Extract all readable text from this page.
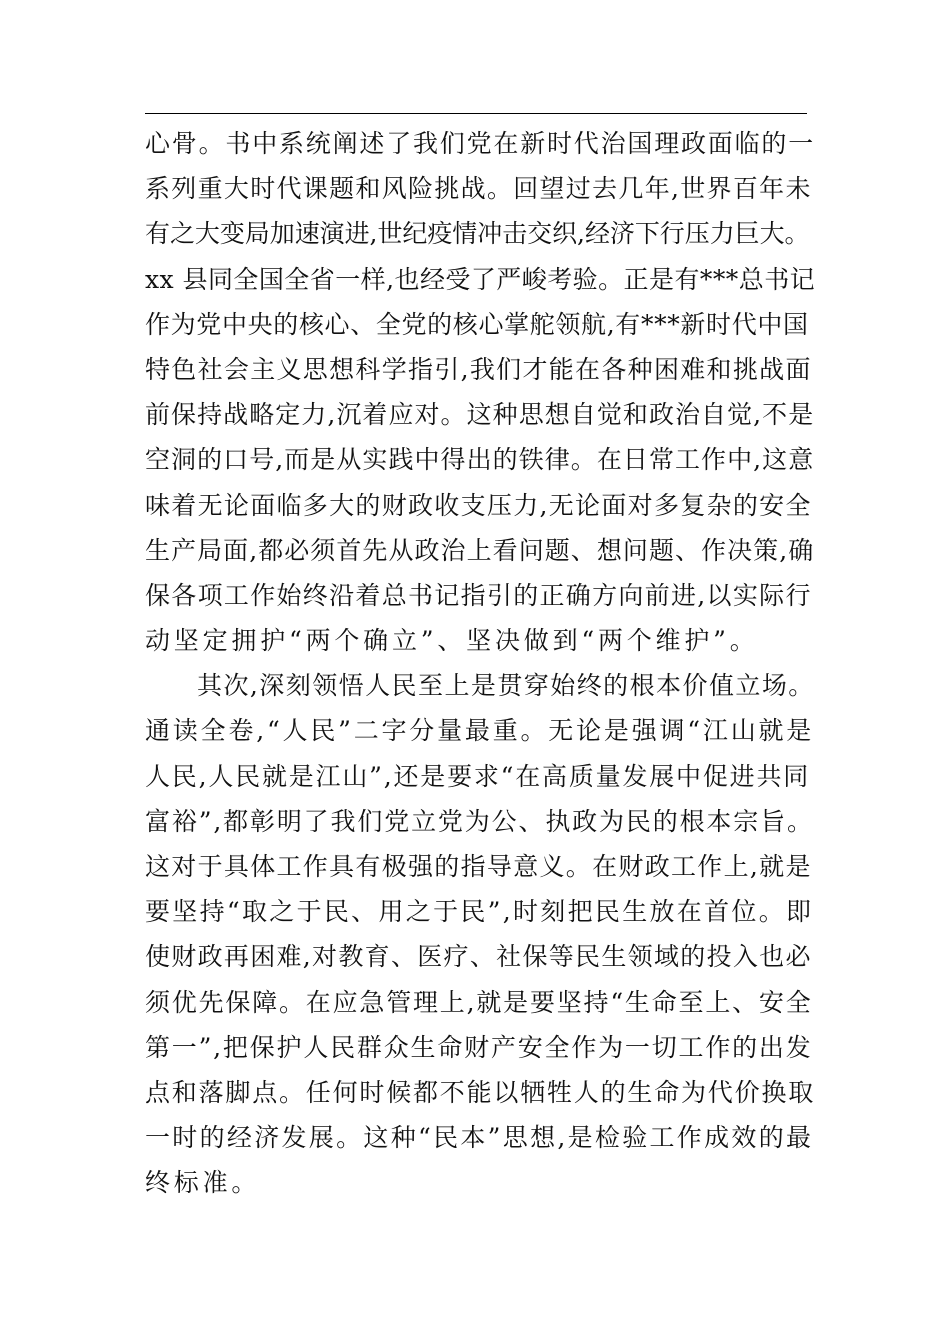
心骨。书中系统阐述了我们党在新时代治国理政面临的一
系列重大时代课题和风险挑战。回望过去几年,世界百年未
有之大变局加速演进,世纪疫情冲击交织,经济下行压力巨大。
xx 县同全国全省一样,也经受了严峻考验。正是有***总书记
作为党中央的核心、全党的核心掌舵领航,有***新时代中国
特色社会主义思想科学指引,我们才能在各种困难和挑战面
前保持战略定力,沉着应对。这种思想自觉和政治自觉,不是
空洞的口号,而是从实践中得出的铁律。在日常工作中,这意
味着无论面临多大的财政收支压力,无论面对多复杂的安全
生产局面,都必须首先从政治上看问题、想问题、作决策,确
保各项工作始终沿着总书记指引的正确方向前进,以实际行
动坚定拥护“两个确立”、坚决做到“两个维护”。
其次,深刻领悟人民至上是贯穿始终的根本价值立场。
通读全卷,“人民”二字分量最重。无论是强调“江山就是
人民,人民就是江山”,还是要求“在高质量发展中促进共同
富裕”,都彰明了我们党立党为公、执政为民的根本宗旨。
这对于具体工作具有极强的指导意义。在财政工作上,就是
要坚持“取之于民、用之于民”,时刻把民生放在首位。即
使财政再困难,对教育、医疗、社保等民生领域的投入也必
须优先保障。在应急管理上,就是要坚持“生命至上、安全
第一”,把保护人民群众生命财产安全作为一切工作的出发
点和落脚点。任何时候都不能以牺牲人的生命为代价换取
一时的经济发展。这种“民本”思想,是检验工作成效的最
终标准。
